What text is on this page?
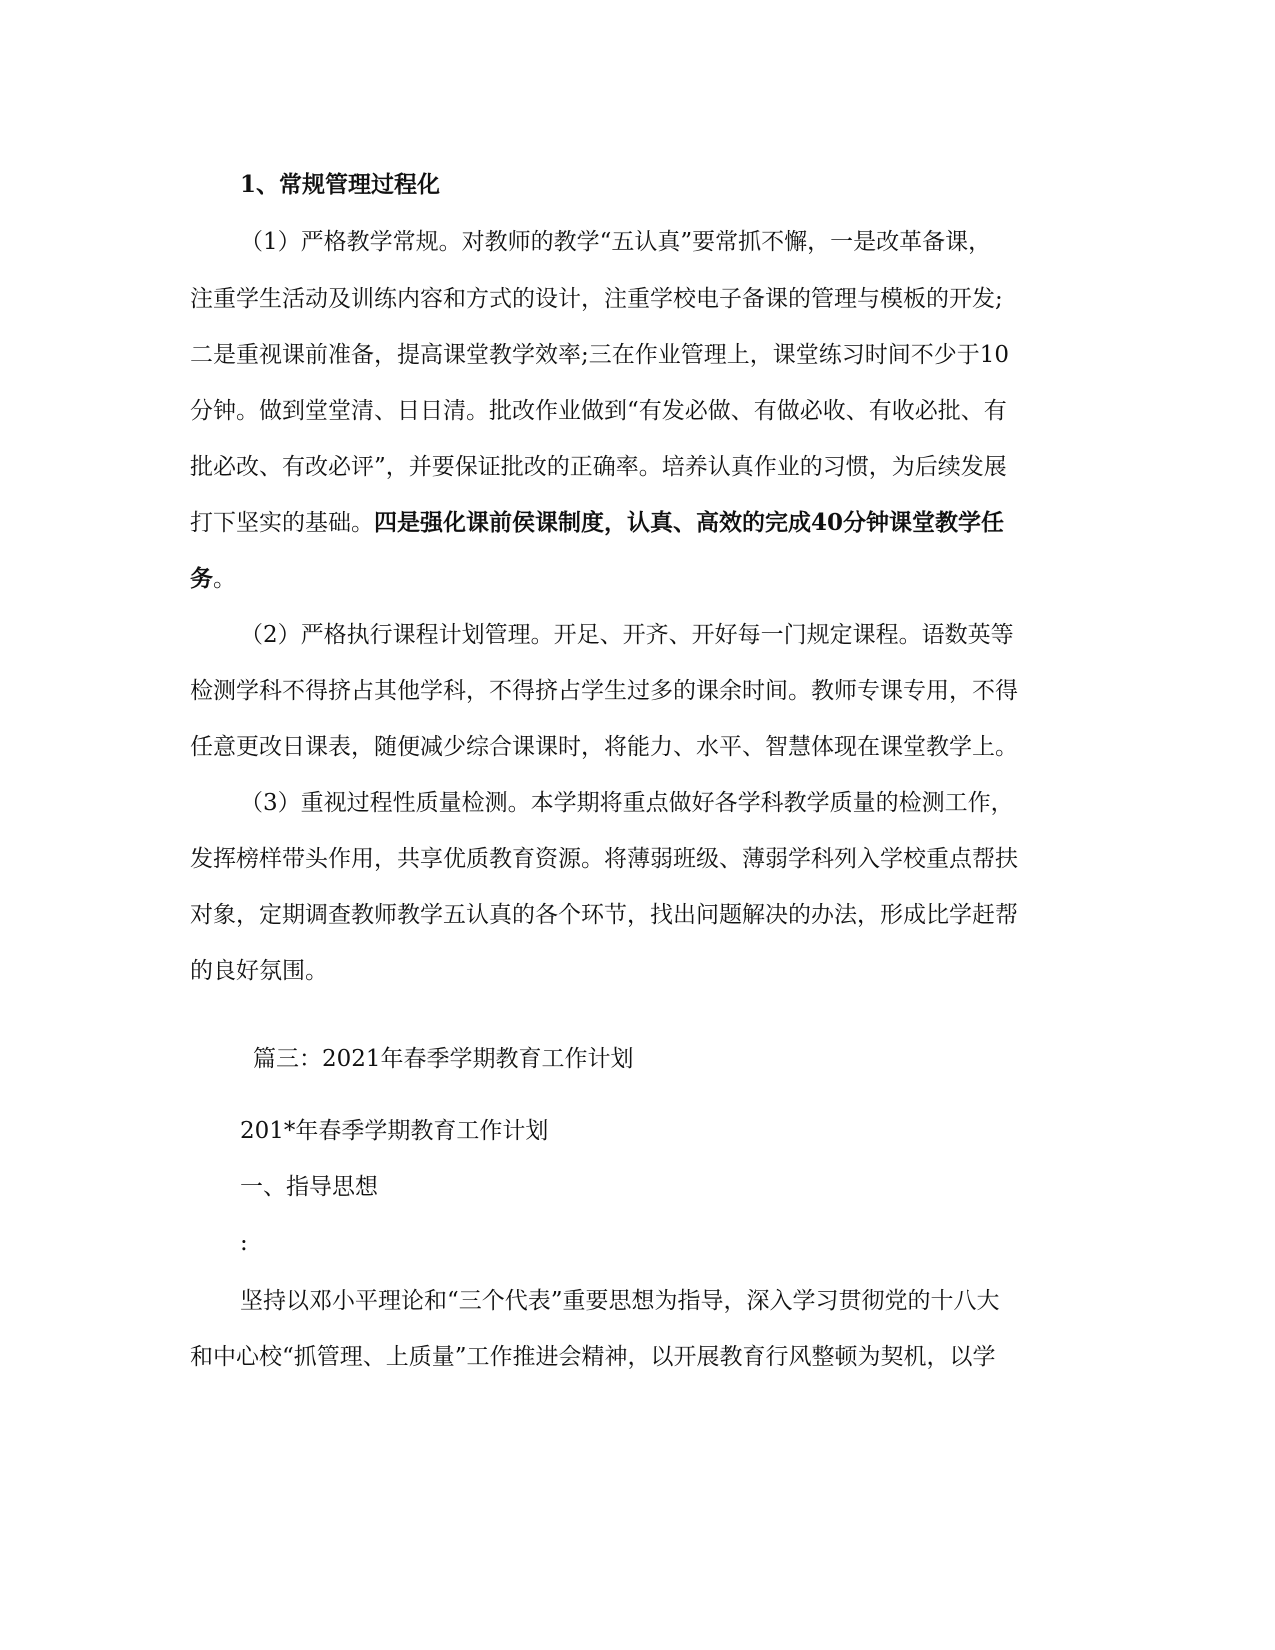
1、常规管理过程化
（1）严格教学常规。对教师的教学“五认真”要常抓不懈，一是改革备课，
注重学生活动及训练内容和方式的设计，注重学校电子备课的管理与模板的开发;
二是重视课前准备，提高课堂教学效率;三在作业管理上，课堂练习时间不少于10
分钟。做到堂堂清、日日清。批改作业做到“有发必做、有做必收、有收必批、有
批必改、有改必评”，并要保证批改的正确率。培养认真作业的习惯，为后续发展
打下坚实的基础。四是强化课前侯课制度，认真、高效的完成40分钟课堂教学任
务。
（2）严格执行课程计划管理。开足、开齐、开好每一门规定课程。语数英等
检测学科不得挤占其他学科，不得挤占学生过多的课余时间。教师专课专用，不得
任意更改日课表，随便减少综合课课时，将能力、水平、智慧体现在课堂教学上。
（3）重视过程性质量检测。本学期将重点做好各学科教学质量的检测工作，
发挥榜样带头作用，共享优质教育资源。将薄弱班级、薄弱学科列入学校重点帮扶
对象，定期调查教师教学五认真的各个环节，找出问题解决的办法，形成比学赶帮
的良好氛围。
篇三：2021年春季学期教育工作计划
201*年春季学期教育工作计划
一、指导思想
:
坚持以邓小平理论和“三个代表”重要思想为指导，深入学习贯彻党的十八大
和中心校“抓管理、上质量”工作推进会精神，以开展教育行风整顿为契机，以学
